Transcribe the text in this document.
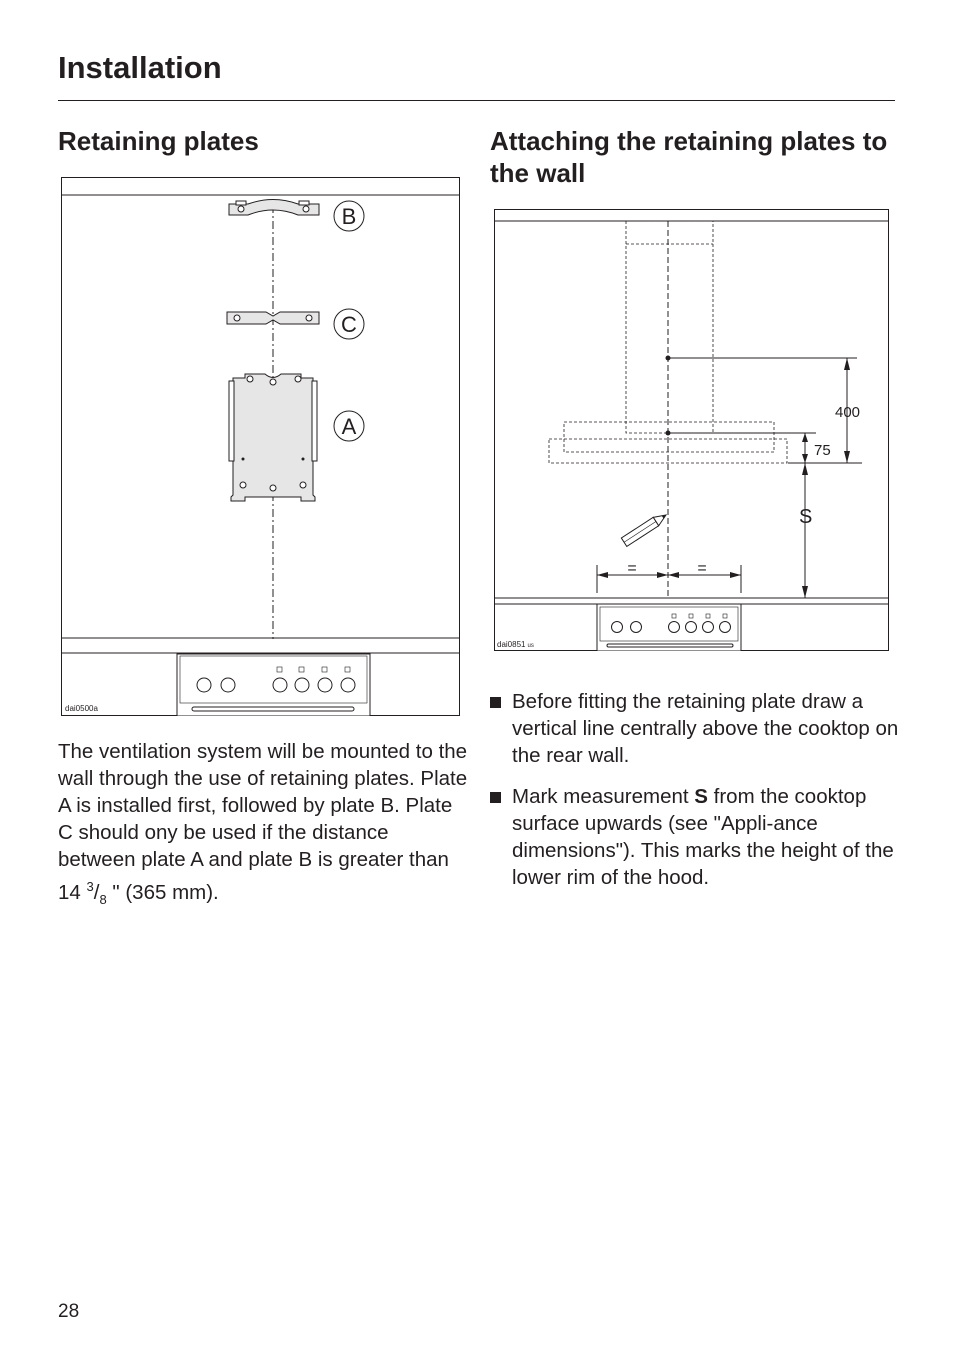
Installation
Retaining plates	Attaching the retaining plates to the wall
B
C
A
dai0500a
400
75
S
=	=
dai0851 us

The ventilation system will be mounted to the wall through the use of retaining plates. Plate A is installed first, followed by plate B. Plate C should ony be used if the distance between plate A and plate B is greater than 14 $^3/_8$ " (365 mm).

Before fitting the retaining plate draw a vertical line centrally above the cooktop on the rear wall.
Mark measurement S from the cooktop surface upwards (see "Appli-ance dimensions"). This marks the height of the lower rim of the hood.
28
